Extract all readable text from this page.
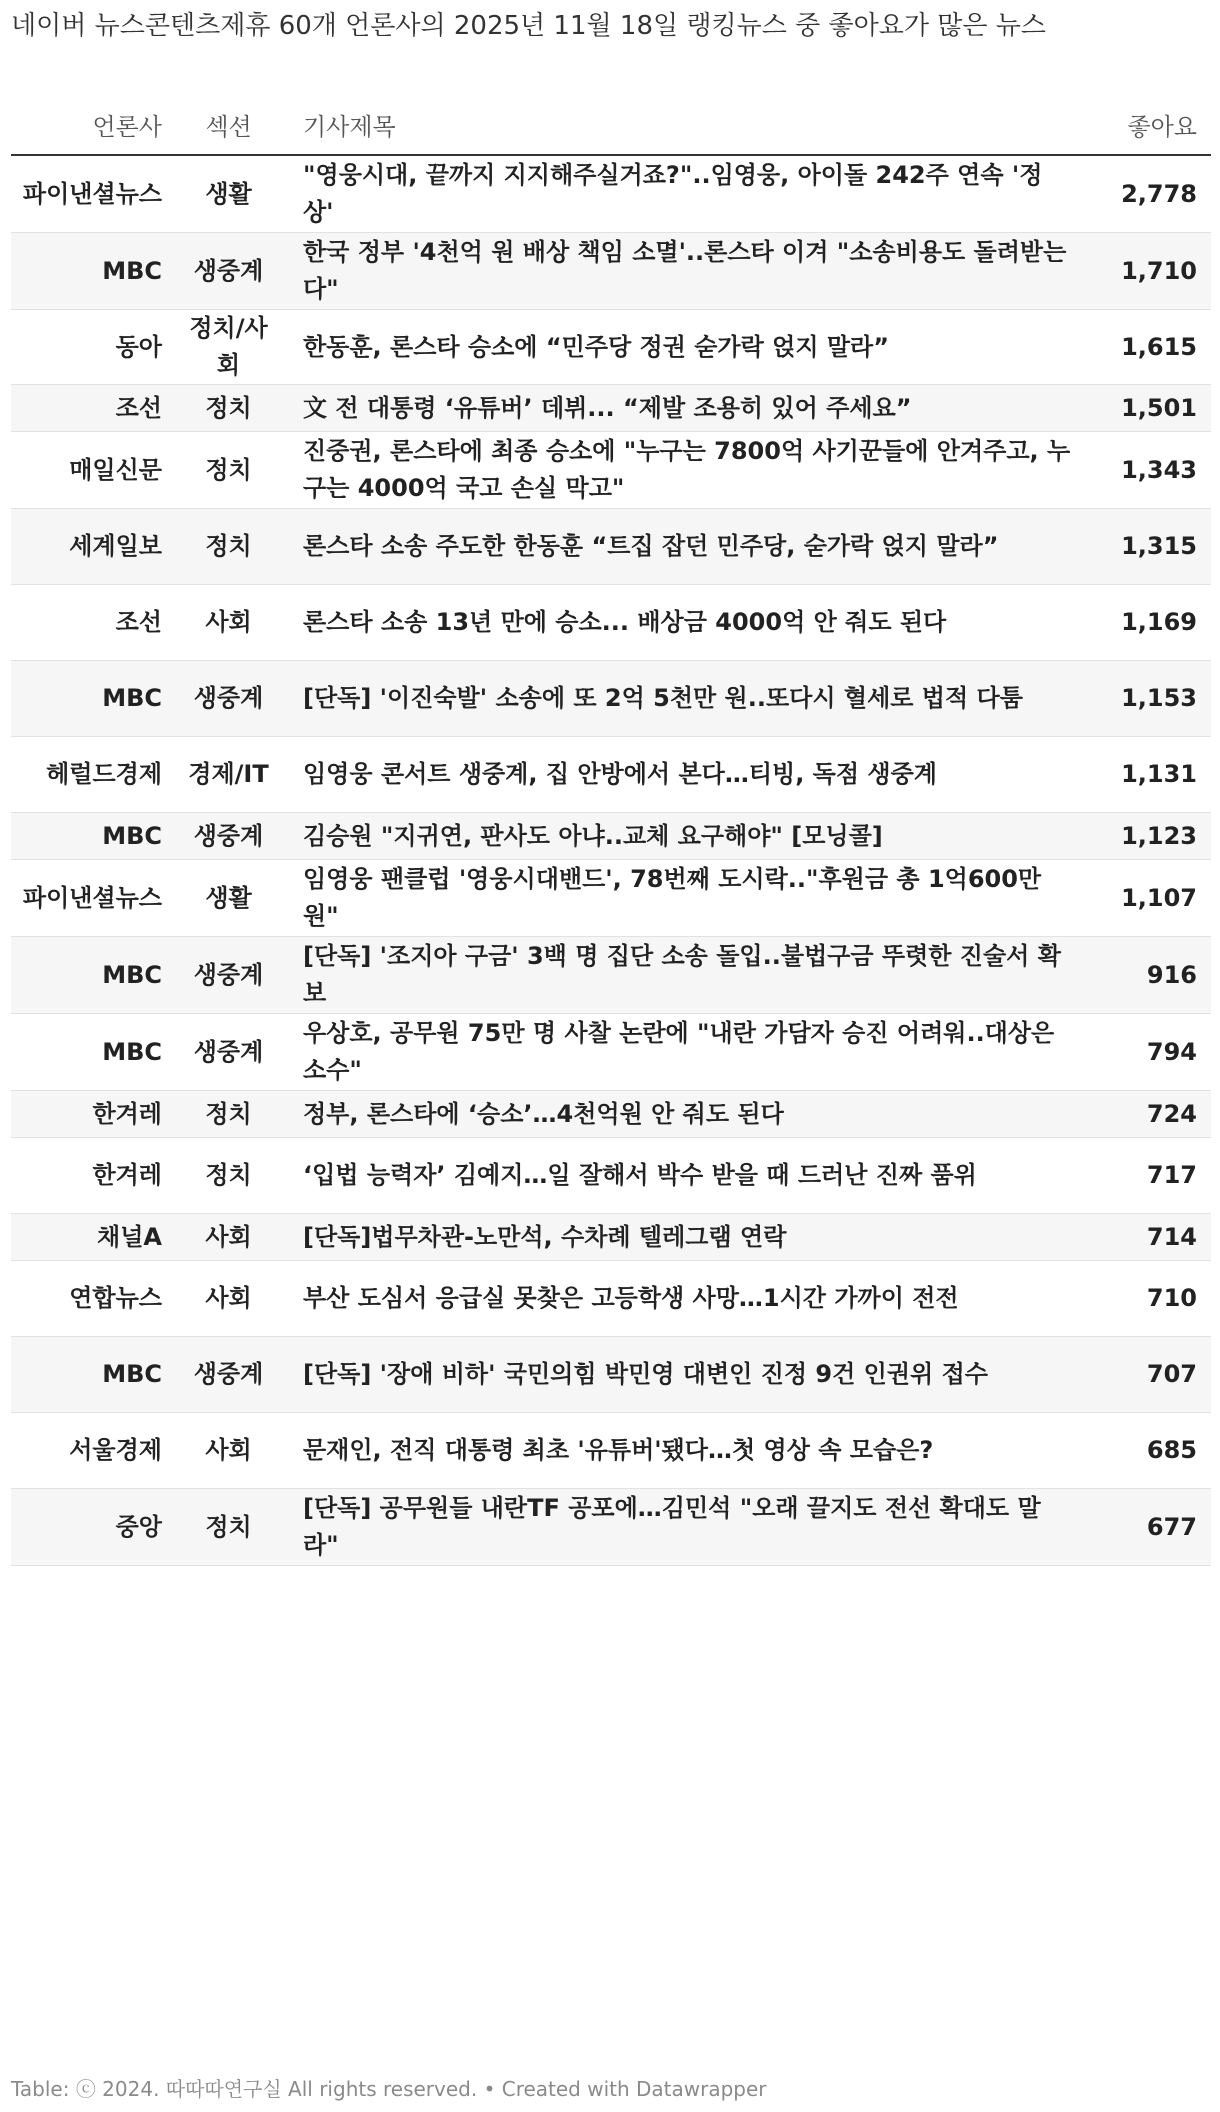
네이버 뉴스콘텐츠제휴 60개 언론사의 2025년 11월 18일 랭킹뉴스 중 좋아요가 많은 뉴스
언론사	섹션	기사제목	좋아요
파이낸셜뉴스	생활	"영웅시대, 끝까지 지지해주실거죠?"..임영웅, 아이돌 242주 연속 '정상'	2,778
MBC	생중계	한국 정부 '4천억 원 배상 책임 소멸'..론스타 이겨 "소송비용도 돌려받는다"	1,710
동아	정치/사회	한동훈, 론스타 승소에 “민주당 정권 숟가락 얹지 말라”	1,615
조선	정치	文 전 대통령 ‘유튜버’ 데뷔... “제발 조용히 있어 주세요”	1,501
매일신문	정치	진중권, 론스타에 최종 승소에 "누구는 7800억 사기꾼들에 안겨주고, 누구는 4000억 국고 손실 막고"	1,343
세계일보	정치	론스타 소송 주도한 한동훈 “트집 잡던 민주당, 숟가락 얹지 말라”	1,315
조선	사회	론스타 소송 13년 만에 승소... 배상금 4000억 안 줘도 된다	1,169
MBC	생중계	[단독] '이진숙발' 소송에 또 2억 5천만 원..또다시 혈세로 법적 다툼	1,153
헤럴드경제	경제/IT	임영웅 콘서트 생중계, 집 안방에서 본다…티빙, 독점 생중계	1,131
MBC	생중계	김승원 "지귀연, 판사도 아냐..교체 요구해야" [모닝콜]	1,123
파이낸셜뉴스	생활	임영웅 팬클럽 '영웅시대밴드', 78번째 도시락.."후원금 총 1억600만원"	1,107
MBC	생중계	[단독] '조지아 구금' 3백 명 집단 소송 돌입..불법구금 뚜렷한 진술서 확보	916
MBC	생중계	우상호, 공무원 75만 명 사찰 논란에 "내란 가담자 승진 어려워..대상은 소수"	794
한겨레	정치	정부, 론스타에 ‘승소’…4천억원 안 줘도 된다	724
한겨레	정치	‘입법 능력자’ 김예지…일 잘해서 박수 받을 때 드러난 진짜 품위	717
채널A	사회	[단독]법무차관-노만석, 수차례 텔레그램 연락	714
연합뉴스	사회	부산 도심서 응급실 못찾은 고등학생 사망…1시간 가까이 전전	710
MBC	생중계	[단독] '장애 비하' 국민의힘 박민영 대변인 진정 9건 인권위 접수	707
서울경제	사회	문재인, 전직 대통령 최초 '유튜버'됐다…첫 영상 속 모습은?	685
중앙	정치	[단독] 공무원들 내란TF 공포에…김민석 "오래 끌지도 전선 확대도 말라"	677
Table: ⓒ 2024. 따따따연구실 All rights reserved. • Created with Datawrapper
